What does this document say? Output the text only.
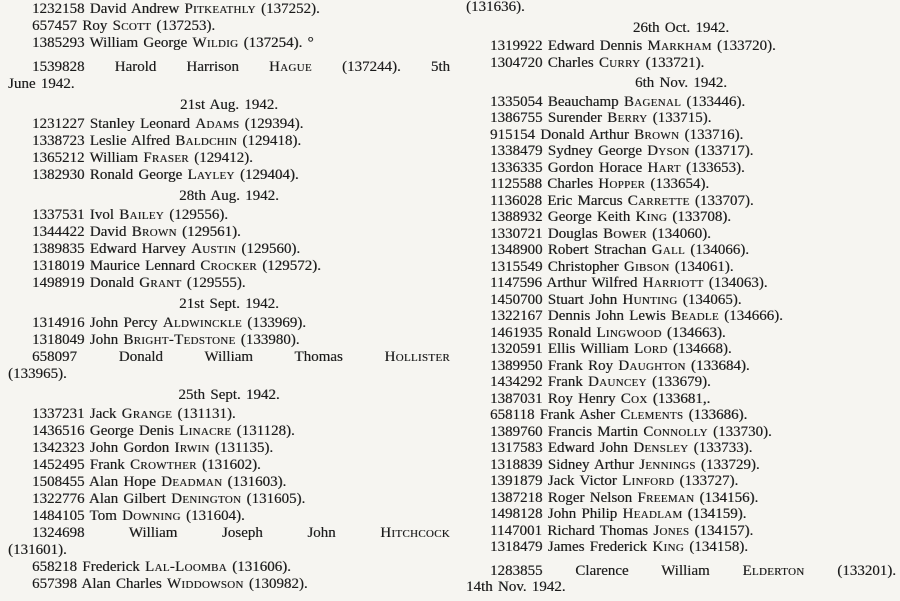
1232158 David Andrew Pitkeathly (137252).
657457 Roy Scott (137253).
1385293 William George Wildig (137254). °
1539828 Harold Harrison Hague (137244). 5th
June 1942.
21st Aug. 1942.
1231227 Stanley Leonard Adams (129394).
1338723 Leslie Alfred Baldchin (129418).
1365212 William Fraser (129412).
1382930 Ronald George Layley (129404).
28th Aug. 1942.
1337531 Ivol Bailey (129556).
1344422 David Brown (129561).
1389835 Edward Harvey Austin (129560).
1318019 Maurice Lennard Crocker (129572).
1498919 Donald Grant (129555).
21st Sept. 1942.
1314916 John Percy Aldwinckle (133969).
1318049 John Bright-Tedstone (133980).
658097 Donald William Thomas Hollister
(133965).
25th Sept. 1942.
1337231 Jack Grange (131131).
1436516 George Denis Linacre (131128).
1342323 John Gordon Irwin (131135).
1452495 Frank Crowther (131602).
1508455 Alan Hope Deadman (131603).
1322776 Alan Gilbert Denington (131605).
1484105 Tom Downing (131604).
1324698 William Joseph John Hitchcock
(131601).
658218 Frederick Lal-Loomba (131606).
657398 Alan Charles Widdowson (130982).
(131636).
26th Oct. 1942.
1319922 Edward Dennis Markham (133720).
1304720 Charles Curry (133721).
6th Nov. 1942.
1335054 Beauchamp Bagenal (133446).
1386755 Surender Berry (133715).
915154 Donald Arthur Brown (133716).
1338479 Sydney George Dyson (133717).
1336335 Gordon Horace Hart (133653).
1125588 Charles Hopper (133654).
1136028 Eric Marcus Carrette (133707).
1388932 George Keith King (133708).
1330721 Douglas Bower (134060).
1348900 Robert Strachan Gall (134066).
1315549 Christopher Gibson (134061).
1147596 Arthur Wilfred Harriott (134063).
1450700 Stuart John Hunting (134065).
1322167 Dennis John Lewis Beadle (134666).
1461935 Ronald Lingwood (134663).
1320591 Ellis William Lord (134668).
1389950 Frank Roy Daughton (133684).
1434292 Frank Dauncey (133679).
1387031 Roy Henry Cox (133681,.
658118 Frank Asher Clements (133686).
1389760 Francis Martin Connolly (133730).
1317583 Edward John Densley (133733).
1318839 Sidney Arthur Jennings (133729).
1391879 Jack Victor Linford (133727).
1387218 Roger Nelson Freeman (134156).
1498128 John Philip Headlam (134159).
1147001 Richard Thomas Jones (134157).
1318479 James Frederick King (134158).
1283855 Clarence William Elderton (133201).
14th Nov. 1942.
